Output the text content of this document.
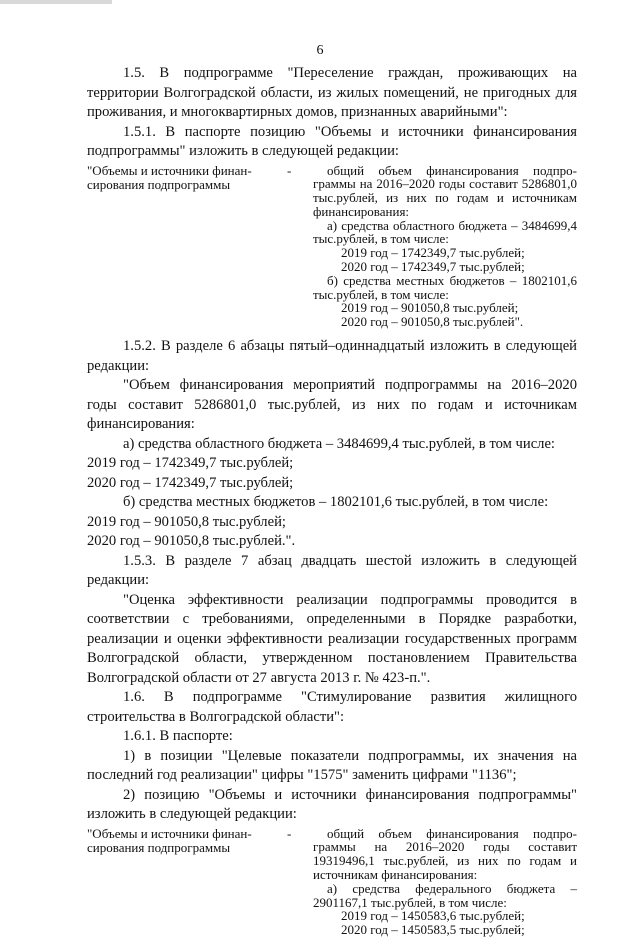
6

1.5. В подпрограмме "Переселение граждан, проживающих на территории Волгоградской области, из жилых помещений, не пригодных для проживания, и многоквартирных домов, признанных аварийными":

1.5.1. В паспорте позицию "Объемы и источники финансирования подпрограммы" изложить в следующей редакции:

"Объемы и источники финан- сирования подпрограммы
-	общий объем финансирования подпро- граммы на 2016–2020 годы составит 5286801,0 тыс.рублей, из них по годам и источникам финансирования:
а) средства областного бюджета – 3484699,4 тыс.рублей, в том числе:
2019 год – 1742349,7 тыс.рублей;
2020 год – 1742349,7 тыс.рублей;
б) средства местных бюджетов – 1802101,6 тыс.рублей, в том числе:
2019 год – 901050,8 тыс.рублей;
2020 год – 901050,8 тыс.рублей".

1.5.2. В разделе 6 абзацы пятый–одиннадцатый изложить в следующей редакции:

"Объем финансирования мероприятий подпрограммы на 2016–2020 годы составит 5286801,0 тыс.рублей, из них по годам и источникам финансирования:

а) средства областного бюджета – 3484699,4 тыс.рублей, в том числе:

2019 год – 1742349,7 тыс.рублей;

2020 год – 1742349,7 тыс.рублей;

б) средства местных бюджетов – 1802101,6 тыс.рублей, в том числе:

2019 год – 901050,8 тыс.рублей;

2020 год – 901050,8 тыс.рублей.".

1.5.3. В разделе 7 абзац двадцать шестой изложить в следующей редакции:

"Оценка эффективности реализации подпрограммы проводится в соответствии с требованиями, определенными в Порядке разработки, реализации и оценки эффективности реализации государственных программ Волгоградской области, утвержденном постановлением Правительства Волгоградской области от 27 августа 2013 г. № 423-п.".

1.6. В подпрограмме "Стимулирование развития жилищного строительства в Волгоградской области":

1.6.1. В паспорте:

1) в позиции "Целевые показатели подпрограммы, их значения на последний год реализации" цифры "1575" заменить цифрами "1136";

2) позицию "Объемы и источники финансирования подпрограммы" изложить в следующей редакции:

"Объемы и источники финан- сирования подпрограммы
-	общий объем финансирования подпро- граммы на 2016–2020 годы составит 19319496,1 тыс.рублей, из них по годам и источникам финансирования:
а) средства федерального бюджета – 2901167,1 тыс.рублей, в том числе:
2019 год – 1450583,6 тыс.рублей;
2020 год – 1450583,5 тыс.рублей;
